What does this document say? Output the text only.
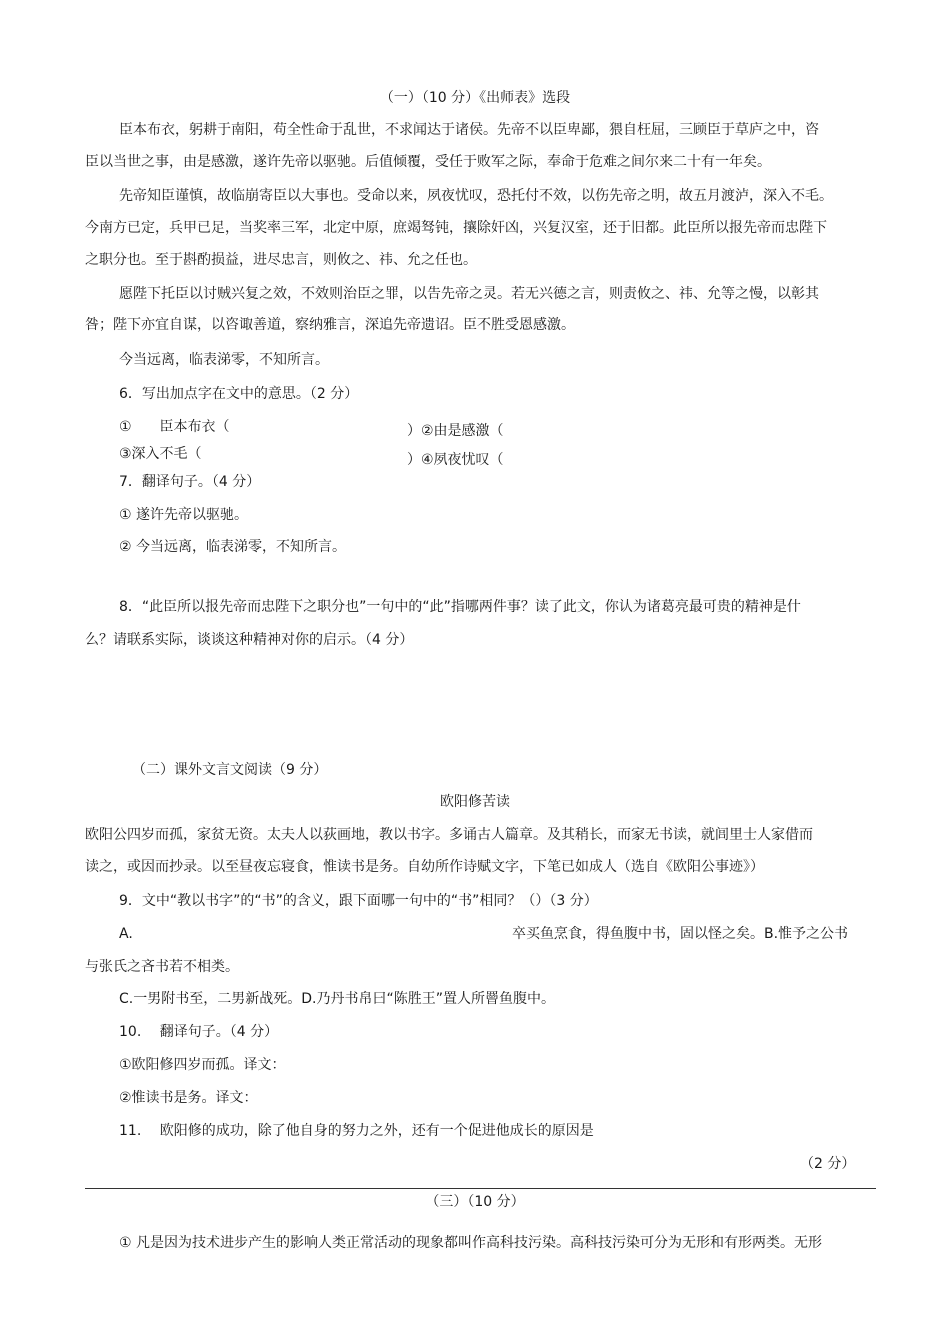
（一）（10 分）《出师表》选段
臣本布衣，躬耕于南阳，苟全性命于乱世，不求闻达于诸侯。先帝不以臣卑鄙，猥自枉屈，三顾臣于草庐之中，咨
臣以当世之事，由是感激，遂许先帝以驱驰。后值倾覆，受任于败军之际，奉命于危难之间尔来二十有一年矣。
先帝知臣谨慎，故临崩寄臣以大事也。受命以来，夙夜忧叹，恐托付不效，以伤先帝之明，故五月渡泸，深入不毛。
今南方已定，兵甲已足，当奖率三军，北定中原，庶竭驽钝，攘除奸凶，兴复汉室，还于旧都。此臣所以报先帝而忠陛下
之职分也。至于斟酌损益，进尽忠言，则攸之、祎、允之任也。
愿陛下托臣以讨贼兴复之效，不效则治臣之罪，以告先帝之灵。若无兴德之言，则责攸之、祎、允等之慢，以彰其
咎；陛下亦宜自谋，以咨诹善道，察纳雅言，深追先帝遗诏。臣不胜受恩感激。
今当远离，临表涕零，不知所言。
6．写出加点字在文中的意思。（2 分）
①　　臣本布衣（	）②由是感激（
③深入不毛（	）④夙夜忧叹（
7．翻译句子。（4 分）
① 遂许先帝以驱驰。
② 今当远离，临表涕零，不知所言。
8．“此臣所以报先帝而忠陛下之职分也”一句中的“此”指哪两件事？读了此文，你认为诸葛亮最可贵的精神是什
么？请联系实际，谈谈这种精神对你的启示。（4 分）
（二）课外文言文阅读（9 分）
欧阳修苦读
欧阳公四岁而孤，家贫无资。太夫人以荻画地，教以书字。多诵古人篇章。及其稍长，而家无书读，就闾里士人家借而
读之，或因而抄录。以至昼夜忘寝食，惟读书是务。自幼所作诗赋文字，下笔已如成人（选自《欧阳公事迹》）
9．文中“教以书字”的“书”的含义，跟下面哪一句中的“书”相同？（）（3 分）
A.	卒买鱼烹食，得鱼腹中书，固以怪之矣。B.惟予之公书
与张氏之吝书若不相类。
C.一男附书至，二男新战死。D.乃丹书帛曰“陈胜王”置人所罾鱼腹中。
10.　 翻译句子。（4 分）
①欧阳修四岁而孤。译文：
②惟读书是务。译文：
11.　 欧阳修的成功，除了他自身的努力之外，还有一个促进他成长的原因是
（2 分）
（三）（10 分）
① 凡是因为技术进步产生的影响人类正常活动的现象都叫作高科技污染。高科技污染可分为无形和有形两类。无形
